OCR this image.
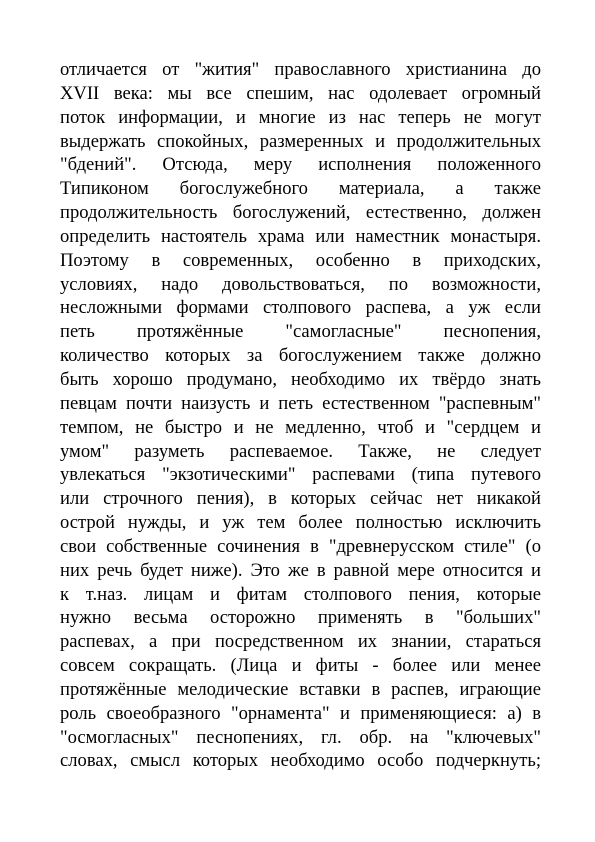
отличается от "жития" православного христианина до
XVII века: мы все спешим, нас одолевает огромный
поток информации, и многие из нас теперь не могут
выдержать спокойных, размеренных и продолжительных
"бдений". Отсюда, меру исполнения положенного
Типиконом богослужебного материала, а также
продолжительность богослужений, естественно, должен
определить настоятель храма или наместник монастыря.
Поэтому в современных, особенно в приходских,
условиях, надо довольствоваться, по возможности,
несложными формами столпового распева, а уж если
петь протяжённые "самогласные" песнопения,
количество которых за богослужением также должно
быть хорошо продумано, необходимо их твёрдо знать
певцам почти наизусть и петь естественном "распевным"
темпом, не быстро и не медленно, чтоб и "сердцем и
умом" разуметь распеваемое. Также, не следует
увлекаться "экзотическими" распевами (типа путевого
или строчного пения), в которых сейчас нет никакой
острой нужды, и уж тем более полностью исключить
свои собственные сочинения в "древнерусском стиле" (о
них речь будет ниже). Это же в равной мере относится и
к т.наз. лицам и фитам столпового пения, которые
нужно весьма осторожно применять в "больших"
распевах, а при посредственном их знании, стараться
совсем сокращать. (Лица и фиты - более или менее
протяжённые мелодические вставки в распев, играющие
роль своеобразного "орнамента" и применяющиеся: а) в
"осмогласных" песнопениях, гл. обр. на "ключевых"
словах, смысл которых необходимо особо подчеркнуть;
